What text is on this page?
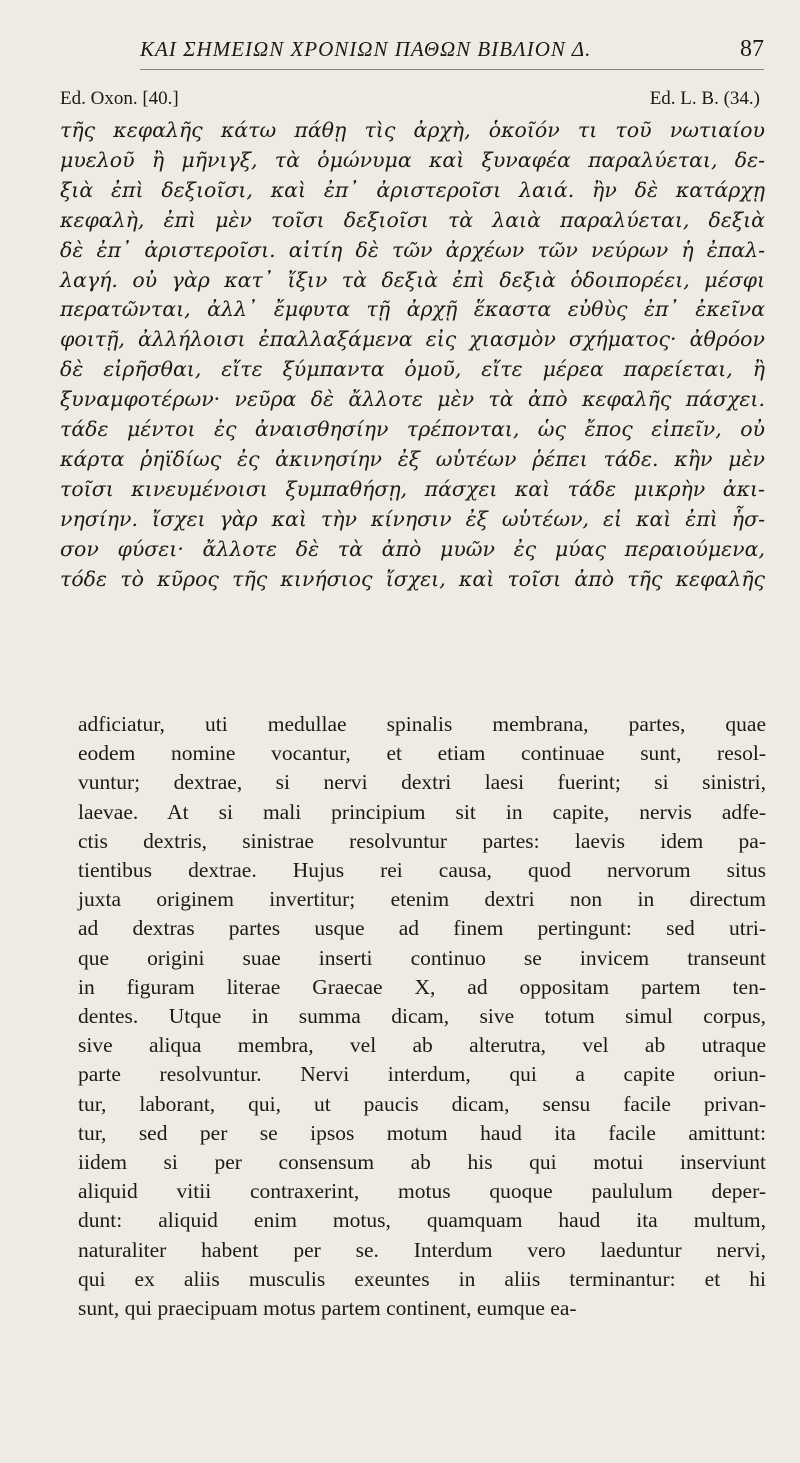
ΚΑΙ ΣΗΜΕΙΩΝ ΧΡΟΝΙΩΝ ΠΑΘΩΝ ΒΙΒΛΙΟΝ Δ.	87
Ed. Oxon. [40.]	Ed. L. B. (34.)
τῆς κεφαλῆς κάτω πάθῃ τὶς ἀρχὴ, ὁκοῖόν τι τοῦ νωτιαίου
μυελοῦ ἢ μῆνιγξ, τὰ ὁμώνυμα καὶ ξυναφέα παραλύεται, δε-
ξιὰ ἐπὶ δεξιοῖσι, καὶ ἐπ᾽ ἀριστεροῖσι λαιά. ἢν δὲ κατάρχῃ
κεφαλὴ, ἐπὶ μὲν τοῖσι δεξιοῖσι τὰ λαιὰ παραλύεται, δεξιὰ
δὲ ἐπ᾽ ἀριστεροῖσι. αἰτίη δὲ τῶν ἀρχέων τῶν νεύρων ἡ ἐπαλ-
λαγή. οὐ γὰρ κατ᾽ ἴξιν τὰ δεξιὰ ἐπὶ δεξιὰ ὁδοιπορέει, μέσφι
περατῶνται, ἀλλ᾽ ἔμφυτα τῇ ἀρχῇ ἕκαστα εὐθὺς ἐπ᾽ ἐκεῖνα
φοιτῇ, ἀλλήλοισι ἐπαλλαξάμενα εἰς χιασμὸν σχήματος· ἀθρόον
δὲ εἰρῆσθαι, εἴτε ξύμπαντα ὁμοῦ, εἴτε μέρεα παρείεται, ἢ
ξυναμφοτέρων· νεῦρα δὲ ἄλλοτε μὲν τὰ ἀπὸ κεφαλῆς πάσχει.
τάδε μέντοι ἐς ἀναισθησίην τρέπονται, ὡς ἔπος εἰπεῖν, οὐ
κάρτα ῥηϊδίως ἐς ἀκινησίην ἐξ ωὑτέων ῥέπει τάδε. κἢν μὲν
τοῖσι κινευμένοισι ξυμπαθήσῃ, πάσχει καὶ τάδε μικρὴν ἀκι-
νησίην. ἴσχει γὰρ καὶ τὴν κίνησιν ἐξ ωὑτέων, εἰ καὶ ἐπὶ ἧσ-
σον φύσει· ἄλλοτε δὲ τὰ ἀπὸ μυῶν ἐς μύας περαιούμενα,
τόδε τὸ κῦρος τῆς κινήσιος ἴσχει, καὶ τοῖσι ἀπὸ τῆς κεφαλῆς
adficiatur, uti medullae spinalis membrana, partes, quae
eodem nomine vocantur, et etiam continuae sunt, resol-
vuntur; dextrae, si nervi dextri laesi fuerint; si sinistri,
laevae. At si mali principium sit in capite, nervis adfe-
ctis dextris, sinistrae resolvuntur partes: laevis idem pa-
tientibus dextrae. Hujus rei causa, quod nervorum situs
juxta originem invertitur; etenim dextri non in directum
ad dextras partes usque ad finem pertingunt: sed utri-
que origini suae inserti continuo se invicem transeunt
in figuram literae Graecae X, ad oppositam partem ten-
dentes. Utque in summa dicam, sive totum simul corpus,
sive aliqua membra, vel ab alterutra, vel ab utraque
parte resolvuntur. Nervi interdum, qui a capite oriun-
tur, laborant, qui, ut paucis dicam, sensu facile privan-
tur, sed per se ipsos motum haud ita facile amittunt:
iidem si per consensum ab his qui motui inserviunt
aliquid vitii contraxerint, motus quoque paululum deper-
dunt: aliquid enim motus, quamquam haud ita multum,
naturaliter habent per se. Interdum vero laeduntur nervi,
qui ex aliis musculis exeuntes in aliis terminantur: et hi
sunt, qui praecipuam motus partem continent, eumque ea-
